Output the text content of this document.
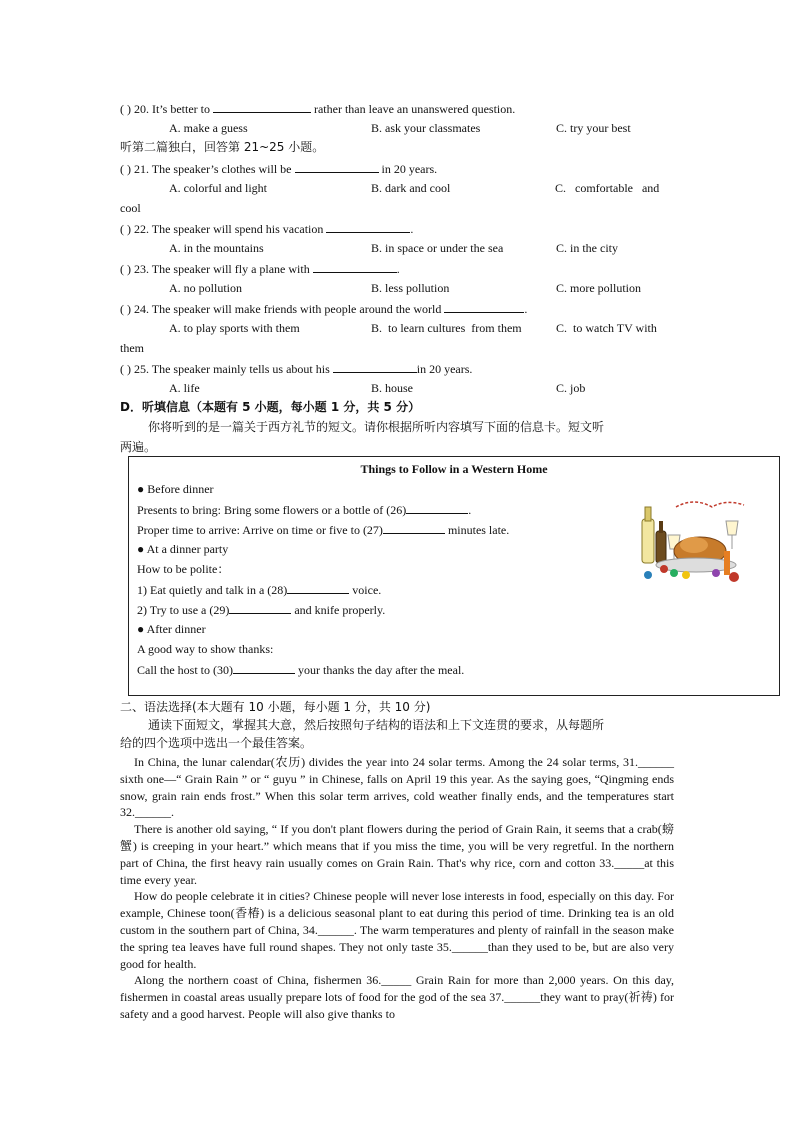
( ) 20. It’s better to	rather than leave an unanswered question.
A. make a guess	B. ask your classmates	C. try your best
听第二篇独白，回答第 21~25 小题。
( ) 21. The speaker’s clothes will be	in 20 years.
A. colorful and light	B. dark and cool	C.   comfortable   and
cool
( ) 22. The speaker will spend his vacation	.
A. in the mountains	B. in space or under the sea	C. in the city
( ) 23. The speaker will fly a plane with	.
A. no pollution	B. less pollution	C. more pollution
( ) 24. The speaker will make friends with people around the world	.
A. to play sports with them	B.  to learn cultures  from them	C.  to watch TV with
them
( ) 25. The speaker mainly tells us about his	in 20 years.
A. life	B. house	C. job
D．听填信息（本题有 5 小题，每小题 1 分，共 5 分）
你将听到的是一篇关于西方礼节的短文。请你根据所听内容填写下面的信息卡。短文听
两遍。
Things to Follow in a Western Home
● Before dinner
Presents to bring: Bring some flowers or a bottle of (26)	.
Proper time to arrive: Arrive on time or five to (27)	minutes late.
● At a dinner party
How to be polite：
1) Eat quietly and talk in a (28)	voice.
2) Try to use a (29)	and knife properly.
● After dinner
A good way to show thanks:
Call the host to (30)	your thanks the day after the meal.
二、语法选择(本大题有 10 小题，每小题 1 分，共 10 分)
通读下面短文，掌握其大意，然后按照句子结构的语法和上下文连贯的要求，从每题所
给的四个选项中选出一个最佳答案。

In China, the lunar calendar(农历) divides the year into 24 solar terms. Among the 24 solar terms, 31.______ sixth one—“ Grain Rain ” or “ guyu ” in Chinese, falls on April 19 this year. As the saying goes, “Qingming ends snow, grain rain ends frost.” When this solar term arrives, cold weather finally ends, and the temperatures start 32.______.

There is another old saying, “ If you don't plant flowers during the period of Grain Rain, it seems that a crab(螃蟹) is creeping in your heart.” which means that if you miss the time, you will be very regretful. In the northern part of China, the first heavy rain usually comes on Grain Rain. That's why rice, corn and cotton 33._____at this time every year.

How do people celebrate it in cities? Chinese people will never lose interests in food, especially on this day. For example, Chinese toon(香椿) is a delicious seasonal plant to eat during this period of time. Drinking tea is an old custom in the southern part of China, 34.______. The warm temperatures and plenty of rainfall in the season make the spring tea leaves have full round shapes. They not only taste 35.______than they used to be, but are also very good for health.

Along the northern coast of China, fishermen 36._____ Grain Rain for more than 2,000 years. On this day, fishermen in coastal areas usually prepare lots of food for the god of the sea 37.______they want to pray(祈祷) for safety and a good harvest. People will also give thanks to
